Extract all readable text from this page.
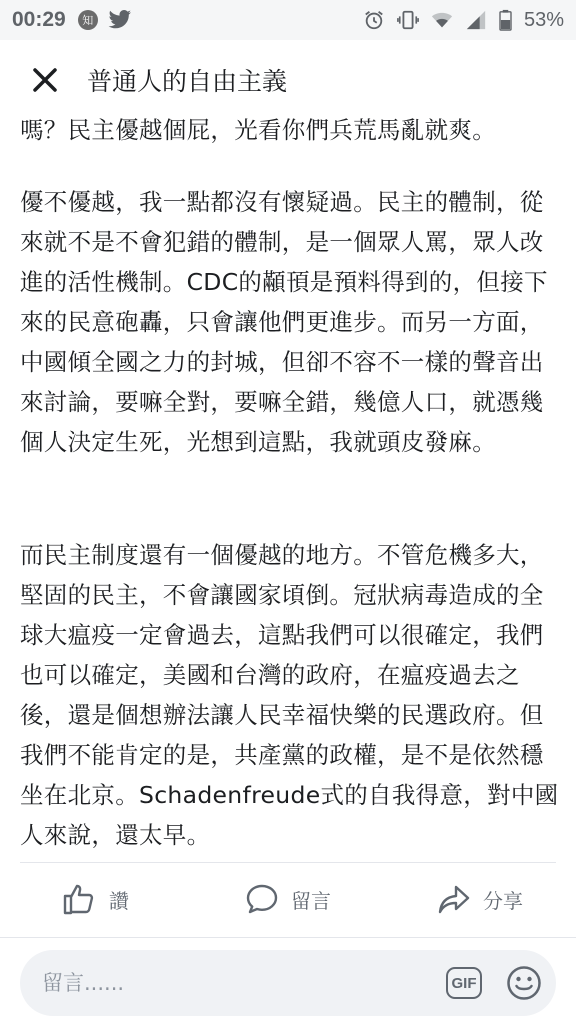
00:29	知	53%
普通人的自由主義

嗎？民主優越個屁，光看你們兵荒馬亂就爽。

優不優越，我一點都沒有懷疑過。民主的體制，從來就不是不會犯錯的體制，是一個眾人罵，眾人改進的活性機制。CDC的顢頇是預料得到的，但接下來的民意砲轟，只會讓他們更進步。而另一方面，中國傾全國之力的封城，但卻不容不一樣的聲音出來討論，要嘛全對，要嘛全錯，幾億人口，就憑幾個人決定生死，光想到這點，我就頭皮發麻。

而民主制度還有一個優越的地方。不管危機多大，堅固的民主，不會讓國家頃倒。冠狀病毒造成的全球大瘟疫一定會過去，這點我們可以很確定，我們也可以確定，美國和台灣的政府，在瘟疫過去之後，還是個想辦法讓人民幸福快樂的民選政府。但我們不能肯定的是，共產黨的政權，是不是依然穩坐在北京。Schadenfreude式的自我得意，對中國人來說，還太早。

讚	留言	分享
留言......
GIF
